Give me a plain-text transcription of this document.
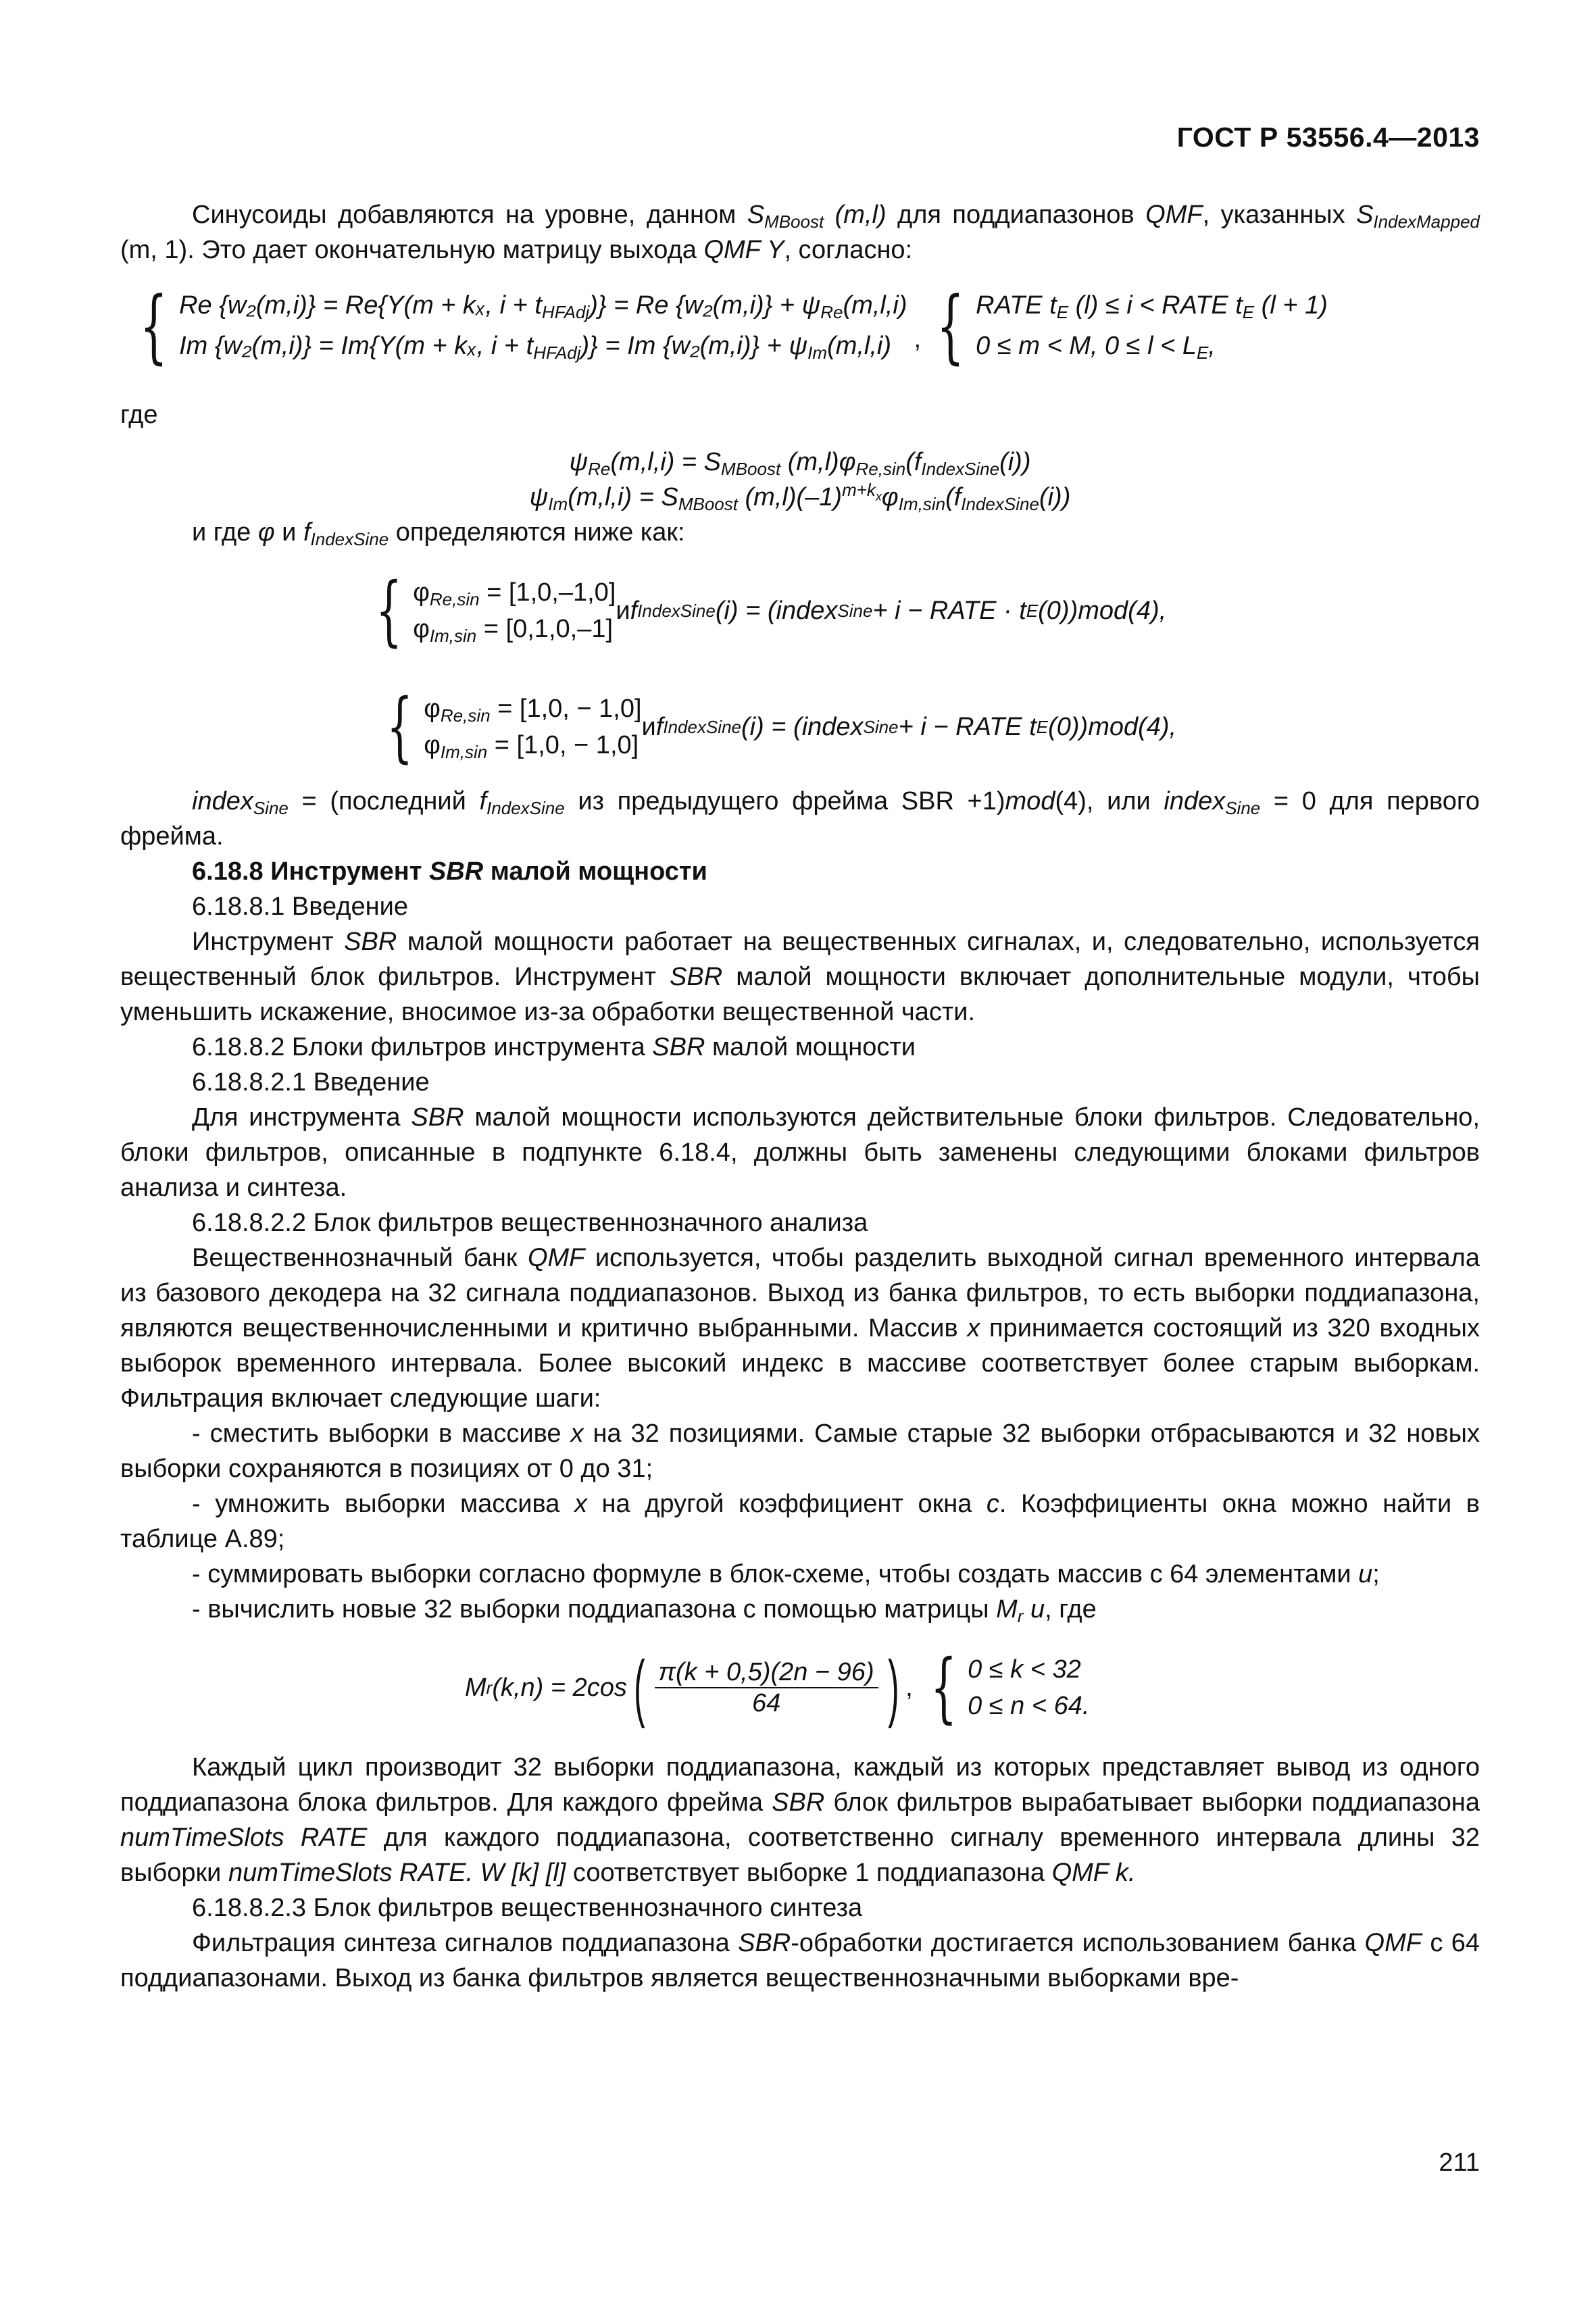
ГОСТ Р 53556.4—2013

Синусоиды добавляются на уровне, данном $S_{MBoost}$ (m,l) для поддиапазонов QMF, указанных $S_{IndexMapped}$ (m, 1). Это дает окончательную матрицу выхода QMF Y, согласно:

{ Re {w₂(m,i)} = Re{Y(m + kₓ, $i + t_{HFAdj})\} = Re$ $\{w_2(m,i)\} + \psi_{Re}(m,l,i)$
Im {w₂(m,i)} = Im{Y(m + kₓ, $i + t_{HFAdj})\} = Im$ $\{w_2(m,i)\} + \psi_{Im}(m,l,i)$ , { RATE $t_E$ (l) ≤ i < RATE $t_E$ (l + 1)
0 ≤ m < M, $0 \le l < L_E$,

где

$\psi_{Re}(m,l,i) = S_{MBoost}$ $(m,l)\varphi_{Re,sin}(f_{IndexSine}(i))$

$\psi_{Im}(m,l,i) = S_{MBoost}$ $(m,l)(-1)^{m+k_x}\varphi_{Im,sin}(f_{IndexSine}(i))$

и где φ и $f_{IndexSine}$ определяются ниже как:

{ $\varphi_{Re,sin} = [1,0,-1,0]$
$\varphi_{Im,sin} = [0,1,0,-1]$
и f IndexSine (i) = (index Sine + i − RATE · t E (0))mod(4),
{ $\varphi_{Re,sin} = [1,0$, − 1,0]
$\varphi_{Im,sin} = [1,0$, − 1,0]
и f IndexSine (i) = (index Sine + i − RATE t E (0))mod(4),

index$_{Sine}$ = (последний $f_{IndexSine}$ из предыдущего фрейма SBR +1)mod(4), или index$_{Sine}$ = 0 для первого фрейма.

6.18.8 Инструмент SBR малой мощности

6.18.8.1 Введение

Инструмент SBR малой мощности работает на вещественных сигналах, и, следовательно, используется вещественный блок фильтров. Инструмент SBR малой мощности включает дополнительные модули, чтобы уменьшить искажение, вносимое из-за обработки вещественной части.

6.18.8.2 Блоки фильтров инструмента SBR малой мощности

6.18.8.2.1 Введение

Для инструмента SBR малой мощности используются действительные блоки фильтров. Следовательно, блоки фильтров, описанные в подпункте 6.18.4, должны быть заменены следующими блоками фильтров анализа и синтеза.

6.18.8.2.2 Блок фильтров вещественнозначного анализа

Вещественнозначный банк QMF используется, чтобы разделить выходной сигнал временного интервала из базового декодера на 32 сигнала поддиапазонов. Выход из банка фильтров, то есть выборки поддиапазона, являются вещественночисленными и критично выбранными. Массив x принимается состоящий из 320 входных выборок временного интервала. Более высокий индекс в массиве соответствует более старым выборкам. Фильтрация включает следующие шаги:

- сместить выборки в массиве x на 32 позициями. Самые старые 32 выборки отбрасываются и 32 новых выборки сохраняются в позициях от 0 до 31;

- умножить выборки массива x на другой коэффициент окна c. Коэффициенты окна можно найти в таблице А.89;

- суммировать выборки согласно формуле в блок-схеме, чтобы создать массив с 64 элементами u;

- вычислить новые 32 выборки поддиапазона с помощью матрицы $M_r$ u, где

M r (k,n) = 2cos ( $\frac{\pi(k + 0,5)(2n - 96)}{64}$ ) , { 0 ≤ k < 32
0 ≤ n < 64.

Каждый цикл производит 32 выборки поддиапазона, каждый из которых представляет вывод из одного поддиапазона блока фильтров. Для каждого фрейма SBR блок фильтров вырабатывает выборки поддиапазона numTimeSlots RATE для каждого поддиапазона, соответственно сигналу временного интервала длины 32 выборки numTimeSlots RATE. W [k] [l] соответствует выборке 1 поддиапазона QMF k.

6.18.8.2.3 Блок фильтров вещественнозначного синтеза

Фильтрация синтеза сигналов поддиапазона SBR-обработки достигается использованием банка QMF с 64 поддиапазонами. Выход из банка фильтров является вещественнозначными выборками вре-

211
